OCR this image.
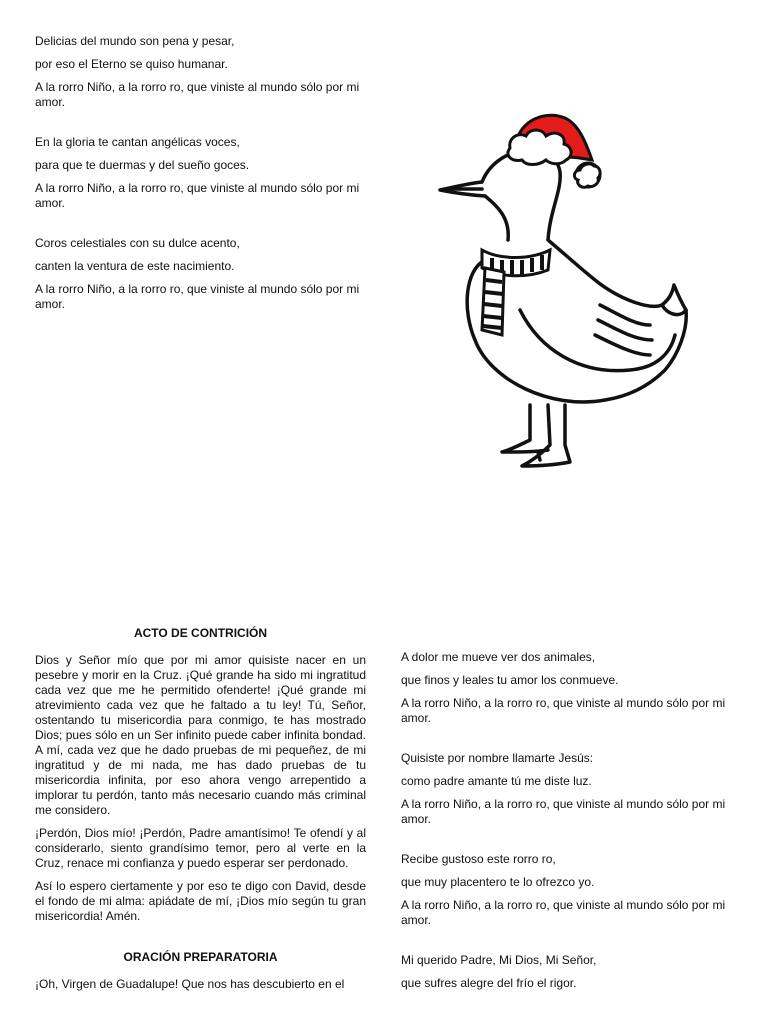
Delicias del mundo son pena y pesar,

por eso el Eterno se quiso humanar.

A la rorro Niño, a la rorro ro, que viniste al mundo sólo por mi amor.

En la gloria te cantan angélicas voces,

para que te duermas y del sueño goces.

A la rorro Niño, a la rorro ro, que viniste al mundo sólo por mi amor.

Coros celestiales con su dulce acento,

canten la ventura de este nacimiento.

A la rorro Niño, a la rorro ro, que viniste al mundo sólo por mi amor.

ACTO DE CONTRICIÓN

Dios y Señor mío que por mi amor quisiste nacer en un pesebre y morir en la Cruz. ¡Qué grande ha sido mi ingratitud cada vez que me he permitido ofenderte! ¡Qué grande mi atrevimiento cada vez que he faltado a tu ley! Tú, Señor, ostentando tu misericordia para conmigo, te has mostrado Dios; pues sólo en un Ser infinito puede caber infinita bondad. A mí, cada vez que he dado pruebas de mi pequeñez, de mi ingratitud y de mi nada, me has dado pruebas de tu misericordia infinita, por eso ahora vengo arrepentido a implorar tu perdón, tanto más necesario cuando más criminal me considero.

¡Perdón, Dios mío! ¡Perdón, Padre amantísimo! Te ofendí y al considerarlo, siento grandísimo temor, pero al verte en la Cruz, renace mi confianza y puedo esperar ser perdonado.

Así lo espero ciertamente y por eso te digo con David, desde el fondo de mi alma: apiádate de mí, ¡Dios mío según tu gran misericordia! Amén.

ORACIÓN PREPARATORIA

¡Oh, Virgen de Guadalupe! Que nos has descubierto en el

A dolor me mueve ver dos animales,

que finos y leales tu amor los conmueve.

A la rorro Niño, a la rorro ro, que viniste al mundo sólo por mi amor.

Quisiste por nombre llamarte Jesús:

como padre amante tú me diste luz.

A la rorro Niño, a la rorro ro, que viniste al mundo sólo por mi amor.

Recibe gustoso este rorro ro,

que muy placentero te lo ofrezco yo.

A la rorro Niño, a la rorro ro, que viniste al mundo sólo por mi amor.

Mi querido Padre, Mi Dios, Mi Señor,

que sufres alegre del frío el rigor.
